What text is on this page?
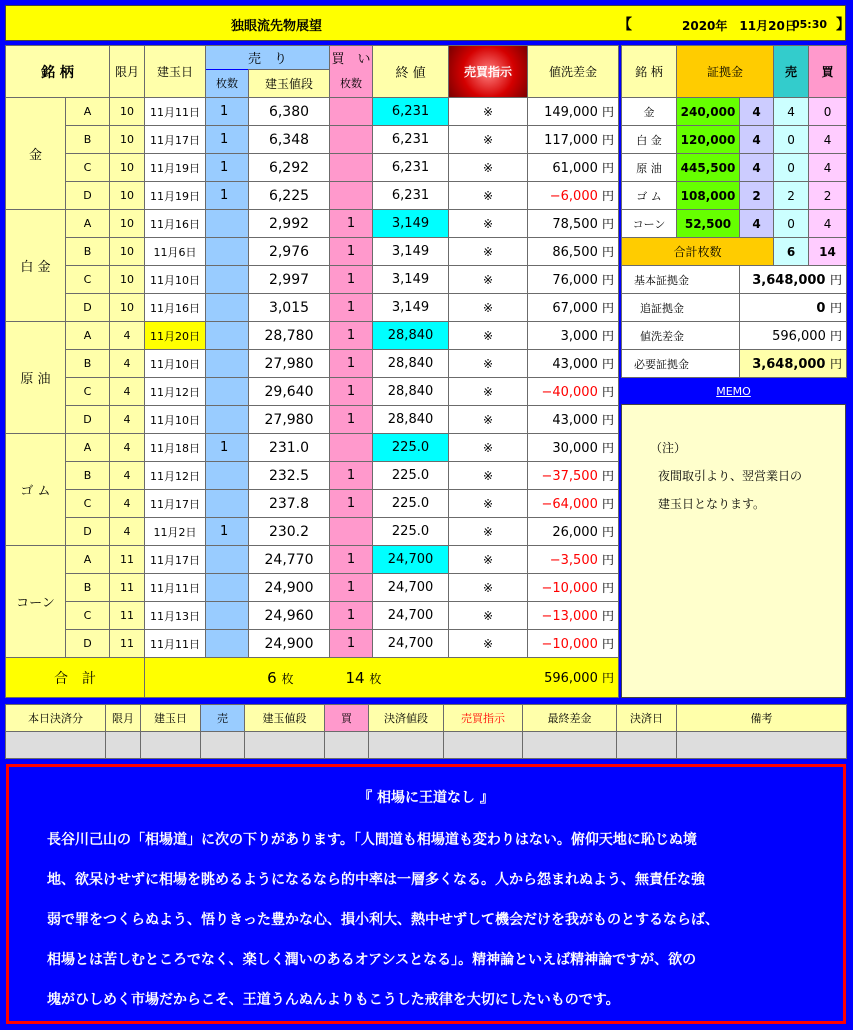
独眼流先物展望	【	2020年　11月20日
05:30 】
銘 柄		限月	建玉日	売　り		買　い	終 値	売買指示	値洗差金
				枚数	建玉値段	枚数			
金	A	10	11月11日	1	6,380		6,231	※	149,000 円
	B	10	11月17日	1	6,348		6,231	※	117,000 円
	C	10	11月19日	1	6,292		6,231	※	61,000 円
	D	10	11月19日	1	6,225		6,231	※	−6,000 円
白 金	A	10	11月16日		2,992	1	3,149	※	78,500 円
	B	10	11月6日		2,976	1	3,149	※	86,500 円
	C	10	11月10日		2,997	1	3,149	※	76,000 円
	D	10	11月16日		3,015	1	3,149	※	67,000 円
原 油	A	4	11月20日		28,780	1	28,840	※	3,000 円
	B	4	11月10日		27,980	1	28,840	※	43,000 円
	C	4	11月12日		29,640	1	28,840	※	−40,000 円
	D	4	11月10日		27,980	1	28,840	※	43,000 円
ゴ ム	A	4	11月18日	1	231.0		225.0	※	30,000 円
	B	4	11月12日		232.5	1	225.0	※	−37,500 円
	C	4	11月17日		237.8	1	225.0	※	−64,000 円
	D	4	11月2日	1	230.2		225.0	※	26,000 円
コーン	A	11	11月17日		24,770	1	24,700	※	−3,500 円
	B	11	11月11日		24,900	1	24,700	※	−10,000 円
	C	11	11月13日		24,960	1	24,700	※	−13,000 円
	D	11	11月11日		24,900	1	24,700	※	−10,000 円
合　計			6 枚			14 枚			596,000 円
銘 柄	証拠金		売	買
金	240,000	4	4	0
白 金	120,000	4	0	4
原 油	445,500	4	0	4
ゴ ム	108,000	2	2	2
コーン	52,500	4	0	4
合計枚数			6	14
基本証拠金		3,648,000 円		
追証拠金		0 円		
値洗差金		596,000 円		
必要証拠金		3,648,000 円		
MEMO
（注）
夜間取引より、翌営業日の
建玉日となります。
本日決済分	限月	建玉日	売	建玉値段	買	決済値段	売買指示	最終差金	決済日	備考

『 相場に王道なし 』
長谷川己山の「相場道」に次の下りがあります。「人間道も相場道も変わりはない。俯仰天地に恥じぬ境
地、欲呆けせずに相場を眺めるようになるなら的中率は一層多くなる。人から怨まれぬよう、無責任な強
弱で罪をつくらぬよう、悟りきった豊かな心、損小利大、熱中せずして機会だけを我がものとするならば、
相場とは苦しむところでなく、楽しく潤いのあるオアシスとなる」。精神論といえば精神論ですが、欲の
塊がひしめく市場だからこそ、王道うんぬんよりもこうした戒律を大切にしたいものです。
